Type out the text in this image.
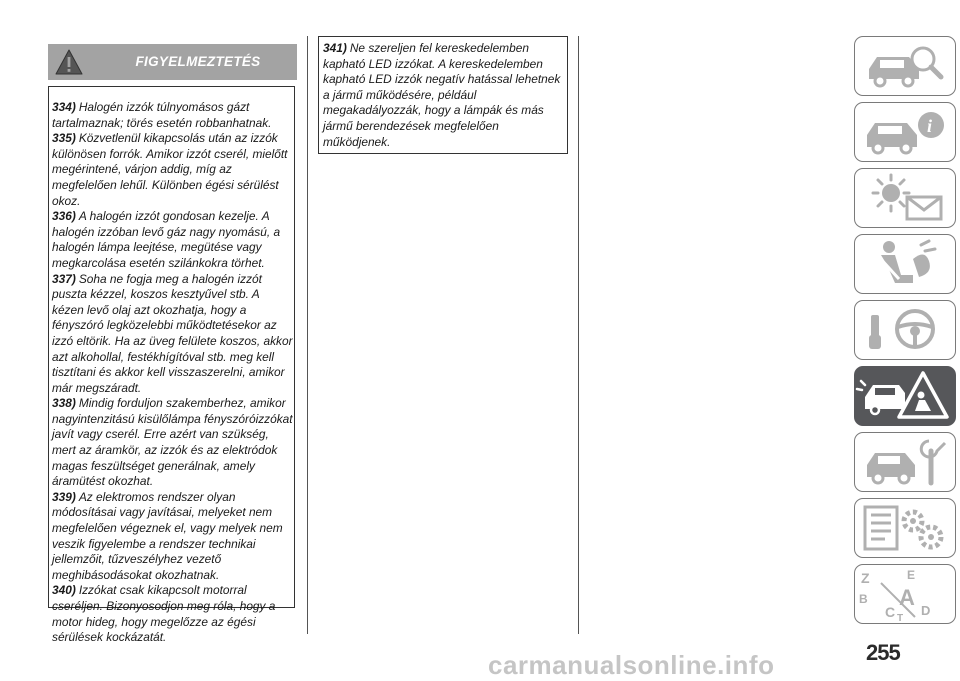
FIGYELMEZTETÉS

334) Halogén izzók túlnyomásos gázt tartalmaznak; törés esetén robbanhatnak.

335) Közvetlenül kikapcsolás után az izzók különösen forrók. Amikor izzót cserél, mielőtt megérintené, várjon addig, míg az megfelelően lehűl. Különben égési sérülést okoz.

336) A halogén izzót gondosan kezelje. A halogén izzóban levő gáz nagy nyomású, a halogén lámpa leejtése, megütése vagy megkarcolása esetén szilánkokra törhet.

337) Soha ne fogja meg a halogén izzót puszta kézzel, koszos kesztyűvel stb. A kézen levő olaj azt okozhatja, hogy a fényszóró legközelebbi működtetésekor az izzó eltörik. Ha az üveg felülete koszos, akkor azt alkohollal, festékhígítóval stb. meg kell tisztítani és akkor kell visszaszerelni, amikor már megszáradt.

338) Mindig forduljon szakemberhez, amikor nagyintenzitású kisülőlámpa fényszóróizzókat javít vagy cserél. Erre azért van szükség, mert az áramkör, az izzók és az elektródok magas feszültséget generálnak, amely áramütést okozhat.

339) Az elektromos rendszer olyan módosításai vagy javításai, melyeket nem megfelelően végeznek el, vagy melyek nem veszik figyelembe a rendszer technikai jellemzőit, tűzveszélyhez vezető meghibásodásokat okozhatnak.

340) Izzókat csak kikapcsolt motorral cseréljen. Bizonyosodjon meg róla, hogy a motor hideg, hogy megelőzze az égési sérülések kockázatát.

341) Ne szereljen fel kereskedelemben kapható LED izzókat. A kereskedelemben kapható LED izzók negatív hatással lehetnek a jármű működésére, például megakadályozzák, hogy a lámpák és más jármű berendezések megfelelően működjenek.

i
Z	E
B
C
A
D
T
255
carmanualsonline.info
